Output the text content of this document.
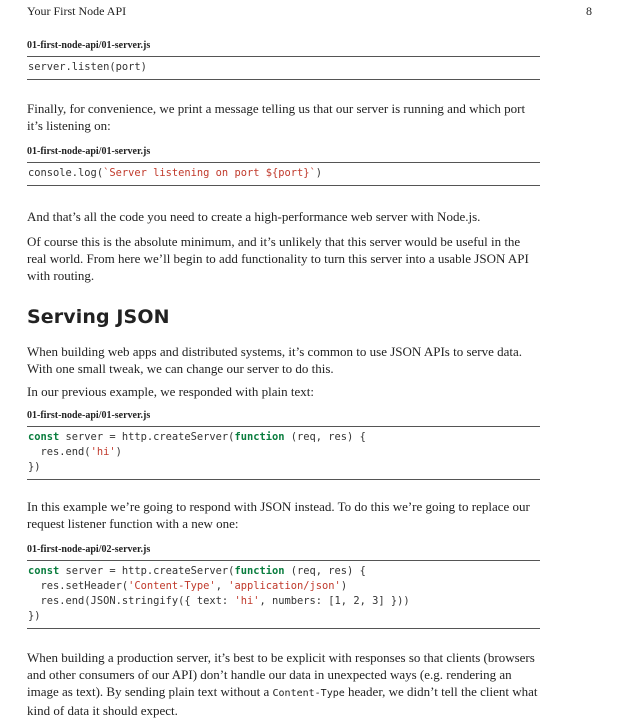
Your First Node API	8

01-first-node-api/01-server.js

server.listen(port)

Finally, for convenience, we print a message telling us that our server is running and which port it’s listening on:

01-first-node-api/01-server.js

console.log(`Server listening on port ${port}`)

And that’s all the code you need to create a high-performance web server with Node.js.

Of course this is the absolute minimum, and it’s unlikely that this server would be useful in the real world. From here we’ll begin to add functionality to turn this server into a usable JSON API with routing.

Serving JSON

When building web apps and distributed systems, it’s common to use JSON APIs to serve data. With one small tweak, we can change our server to do this.

In our previous example, we responded with plain text:

01-first-node-api/01-server.js

const server = http.createServer(function (req, res) {
res.end('hi')
})

In this example we’re going to respond with JSON instead. To do this we’re going to replace our request listener function with a new one:

01-first-node-api/02-server.js

const server = http.createServer(function (req, res) {
res.setHeader('Content-Type', 'application/json')
res.end(JSON.stringify({ text: 'hi', numbers: [1, 2, 3] }))
})

When building a production server, it’s best to be explicit with responses so that clients (browsers and other consumers of our API) don’t handle our data in unexpected ways (e.g. rendering an image as text). By sending plain text without a Content-Type header, we didn’t tell the client what kind of data it should expect.
